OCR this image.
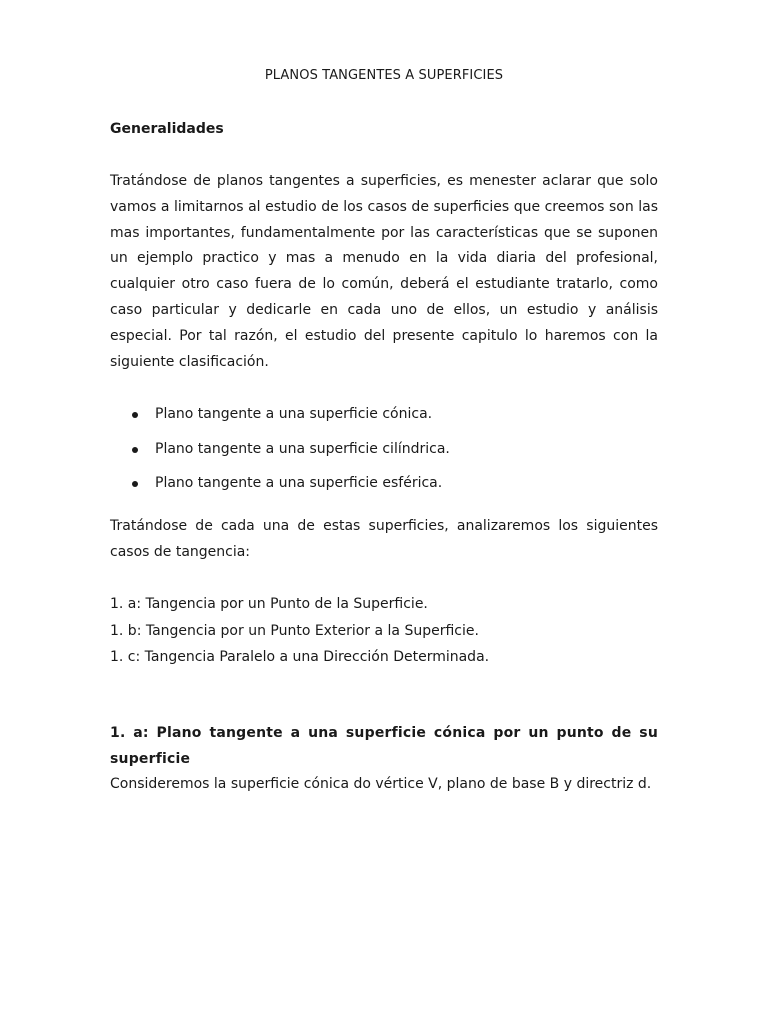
PLANOS TANGENTES A SUPERFICIES
Generalidades

Tratándose de planos tangentes a superficies, es menester aclarar que solo vamos a limitarnos al estudio de los casos de superficies que creemos son las mas importantes, fundamentalmente por las características que se suponen un ejemplo practico y mas a menudo en la vida diaria del profesional, cualquier otro caso fuera de lo común, deberá el estudiante tratarlo, como caso particular y dedicarle en cada uno de ellos, un estudio y análisis especial. Por tal razón, el estudio del presente capitulo lo haremos con la siguiente clasificación.

Plano tangente a una superficie cónica.
Plano tangente a una superficie cilíndrica.
Plano tangente a una superficie esférica.

Tratándose de cada una de estas superficies, analizaremos los siguientes casos de tangencia:

1. a: Tangencia por un Punto de la Superficie.
1. b: Tangencia por un Punto Exterior a la Superficie.
1. c: Tangencia Paralelo a una Dirección Determinada.

1. a: Plano tangente a una superficie cónica por un punto de su superficie

Consideremos la superficie cónica do vértice V, plano de base B y directriz d.
